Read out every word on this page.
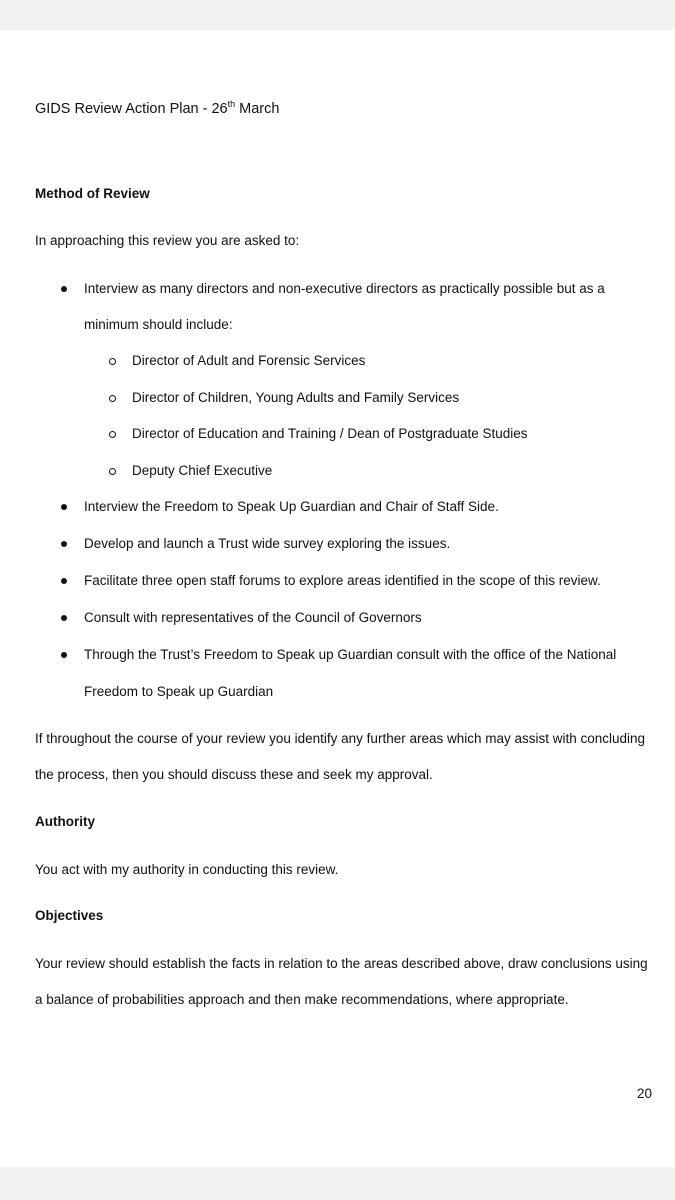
GIDS Review Action Plan - 26th March
Method of Review
In approaching this review you are asked to:
Interview as many directors and non-executive directors as practically possible but as a
minimum should include:
Director of Adult and Forensic Services
Director of Children, Young Adults and Family Services
Director of Education and Training / Dean of Postgraduate Studies
Deputy Chief Executive
Interview the Freedom to Speak Up Guardian and Chair of Staff Side.
Develop and launch a Trust wide survey exploring the issues.
Facilitate three open staff forums to explore areas identified in the scope of this review.
Consult with representatives of the Council of Governors
Through the Trust’s Freedom to Speak up Guardian consult with the office of the National
Freedom to Speak up Guardian
If throughout the course of your review you identify any further areas which may assist with concluding
the process, then you should discuss these and seek my approval.
Authority
You act with my authority in conducting this review.
Objectives
Your review should establish the facts in relation to the areas described above, draw conclusions using
a balance of probabilities approach and then make recommendations, where appropriate.
20
